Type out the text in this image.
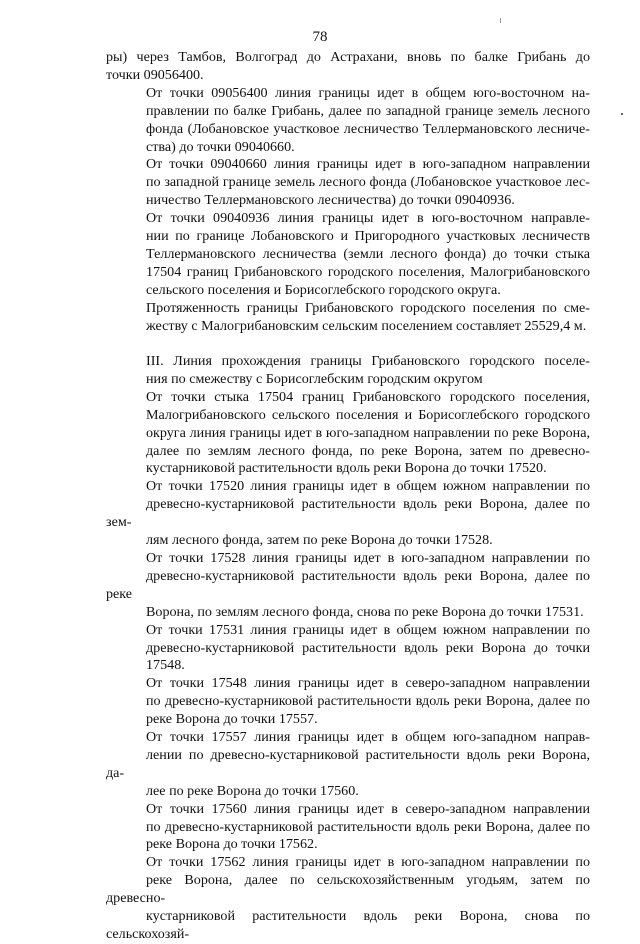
78

ры) через Тамбов, Волгоград до Астрахани, вновь по балке Грибань до
точки 09056400.

От точки 09056400 линия границы идет в общем юго-восточном на-
правлении по балке Грибань, далее по западной границе земель лесного
фонда (Лобановское участковое лесничество Теллермановского лесниче-
ства) до точки 09040660.

От точки 09040660 линия границы идет в юго-западном направлении
по западной границе земель лесного фонда (Лобановское участковое лес-
ничество Теллермановского лесничества) до точки 09040936.

От точки 09040936 линия границы идет в юго-восточном направле-
нии по границе Лобановского и Пригородного участковых лесничеств
Теллермановского лесничества (земли лесного фонда) до точки стыка
17504 границ Грибановского городского поселения, Малогрибановского
сельского поселения и Борисоглебского городского округа.

Протяженность границы Грибановского городского поселения по сме-
жеству с Малогрибановским сельским поселением составляет 25529,4 м.

III. Линия прохождения границы Грибановского городского поселе-
ния по смежеству с Борисоглебским городским округом

От точки стыка 17504 границ Грибановского городского поселения,
Малогрибановского сельского поселения и Борисоглебского городского
округа линия границы идет в юго-западном направлении по реке Ворона,
далее по землям лесного фонда, по реке Ворона, затем по древесно-
кустарниковой растительности вдоль реки Ворона до точки 17520.

От точки 17520 линия границы идет в общем южном направлении по
древесно-кустарниковой растительности вдоль реки Ворона, далее по зем-
лям лесного фонда, затем по реке Ворона до точки 17528.

От точки 17528 линия границы идет в юго-западном направлении по
древесно-кустарниковой растительности вдоль реки Ворона, далее по реке
Ворона, по землям лесного фонда, снова по реке Ворона до точки 17531.

От точки 17531 линия границы идет в общем южном направлении по
древесно-кустарниковой растительности вдоль реки Ворона до точки
17548.

От точки 17548 линия границы идет в северо-западном направлении
по древесно-кустарниковой растительности вдоль реки Ворона, далее по
реке Ворона до точки 17557.

От точки 17557 линия границы идет в общем юго-западном направ-
лении по древесно-кустарниковой растительности вдоль реки Ворона, да-
лее по реке Ворона до точки 17560.

От точки 17560 линия границы идет в северо-западном направлении
по древесно-кустарниковой растительности вдоль реки Ворона, далее по
реке Ворона до точки 17562.

От точки 17562 линия границы идет в юго-западном направлении по
реке Ворона, далее по сельскохозяйственным угодьям, затем по древесно-
кустарниковой растительности вдоль реки Ворона, снова по сельскохозяй-
